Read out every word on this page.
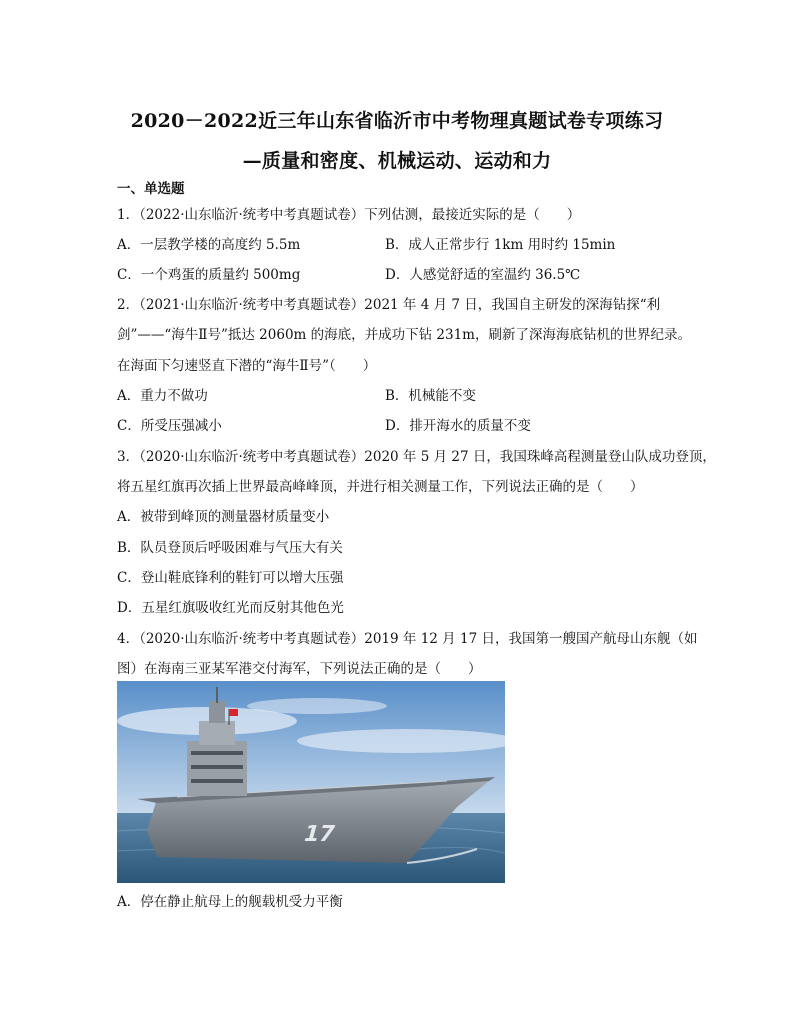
2020－2022近三年山东省临沂市中考物理真题试卷专项练习
—质量和密度、机械运动、运动和力
一、单选题
1．（2022·山东临沂·统考中考真题试卷）下列估测，最接近实际的是（　　）
A．一层教学楼的高度约 5.5m	B．成人正常步行 1km 用时约 15min
C．一个鸡蛋的质量约 500mg	D．人感觉舒适的室温约 36.5℃
2．（2021·山东临沂·统考中考真题试卷）2021 年 4 月 7 日，我国自主研发的深海钻探“利
剑”——“海牛Ⅱ号”抵达 2060m 的海底，并成功下钻 231m，刷新了深海海底钻机的世界纪录。
在海面下匀速竖直下潜的“海牛Ⅱ号”（　　）
A．重力不做功	B．机械能不变
C．所受压强减小	D．排开海水的质量不变
3．（2020·山东临沂·统考中考真题试卷）2020 年 5 月 27 日，我国珠峰高程测量登山队成功登顶，
将五星红旗再次插上世界最高峰峰顶，并进行相关测量工作，下列说法正确的是（　　）
A．被带到峰顶的测量器材质量变小
B．队员登顶后呼吸困难与气压大有关
C．登山鞋底锋利的鞋钉可以增大压强
D．五星红旗吸收红光而反射其他色光
4．（2020·山东临沂·统考中考真题试卷）2019 年 12 月 17 日，我国第一艘国产航母山东舰（如
图）在海南三亚某军港交付海军，下列说法正确的是（　　）
17
A．停在静止航母上的舰载机受力平衡
